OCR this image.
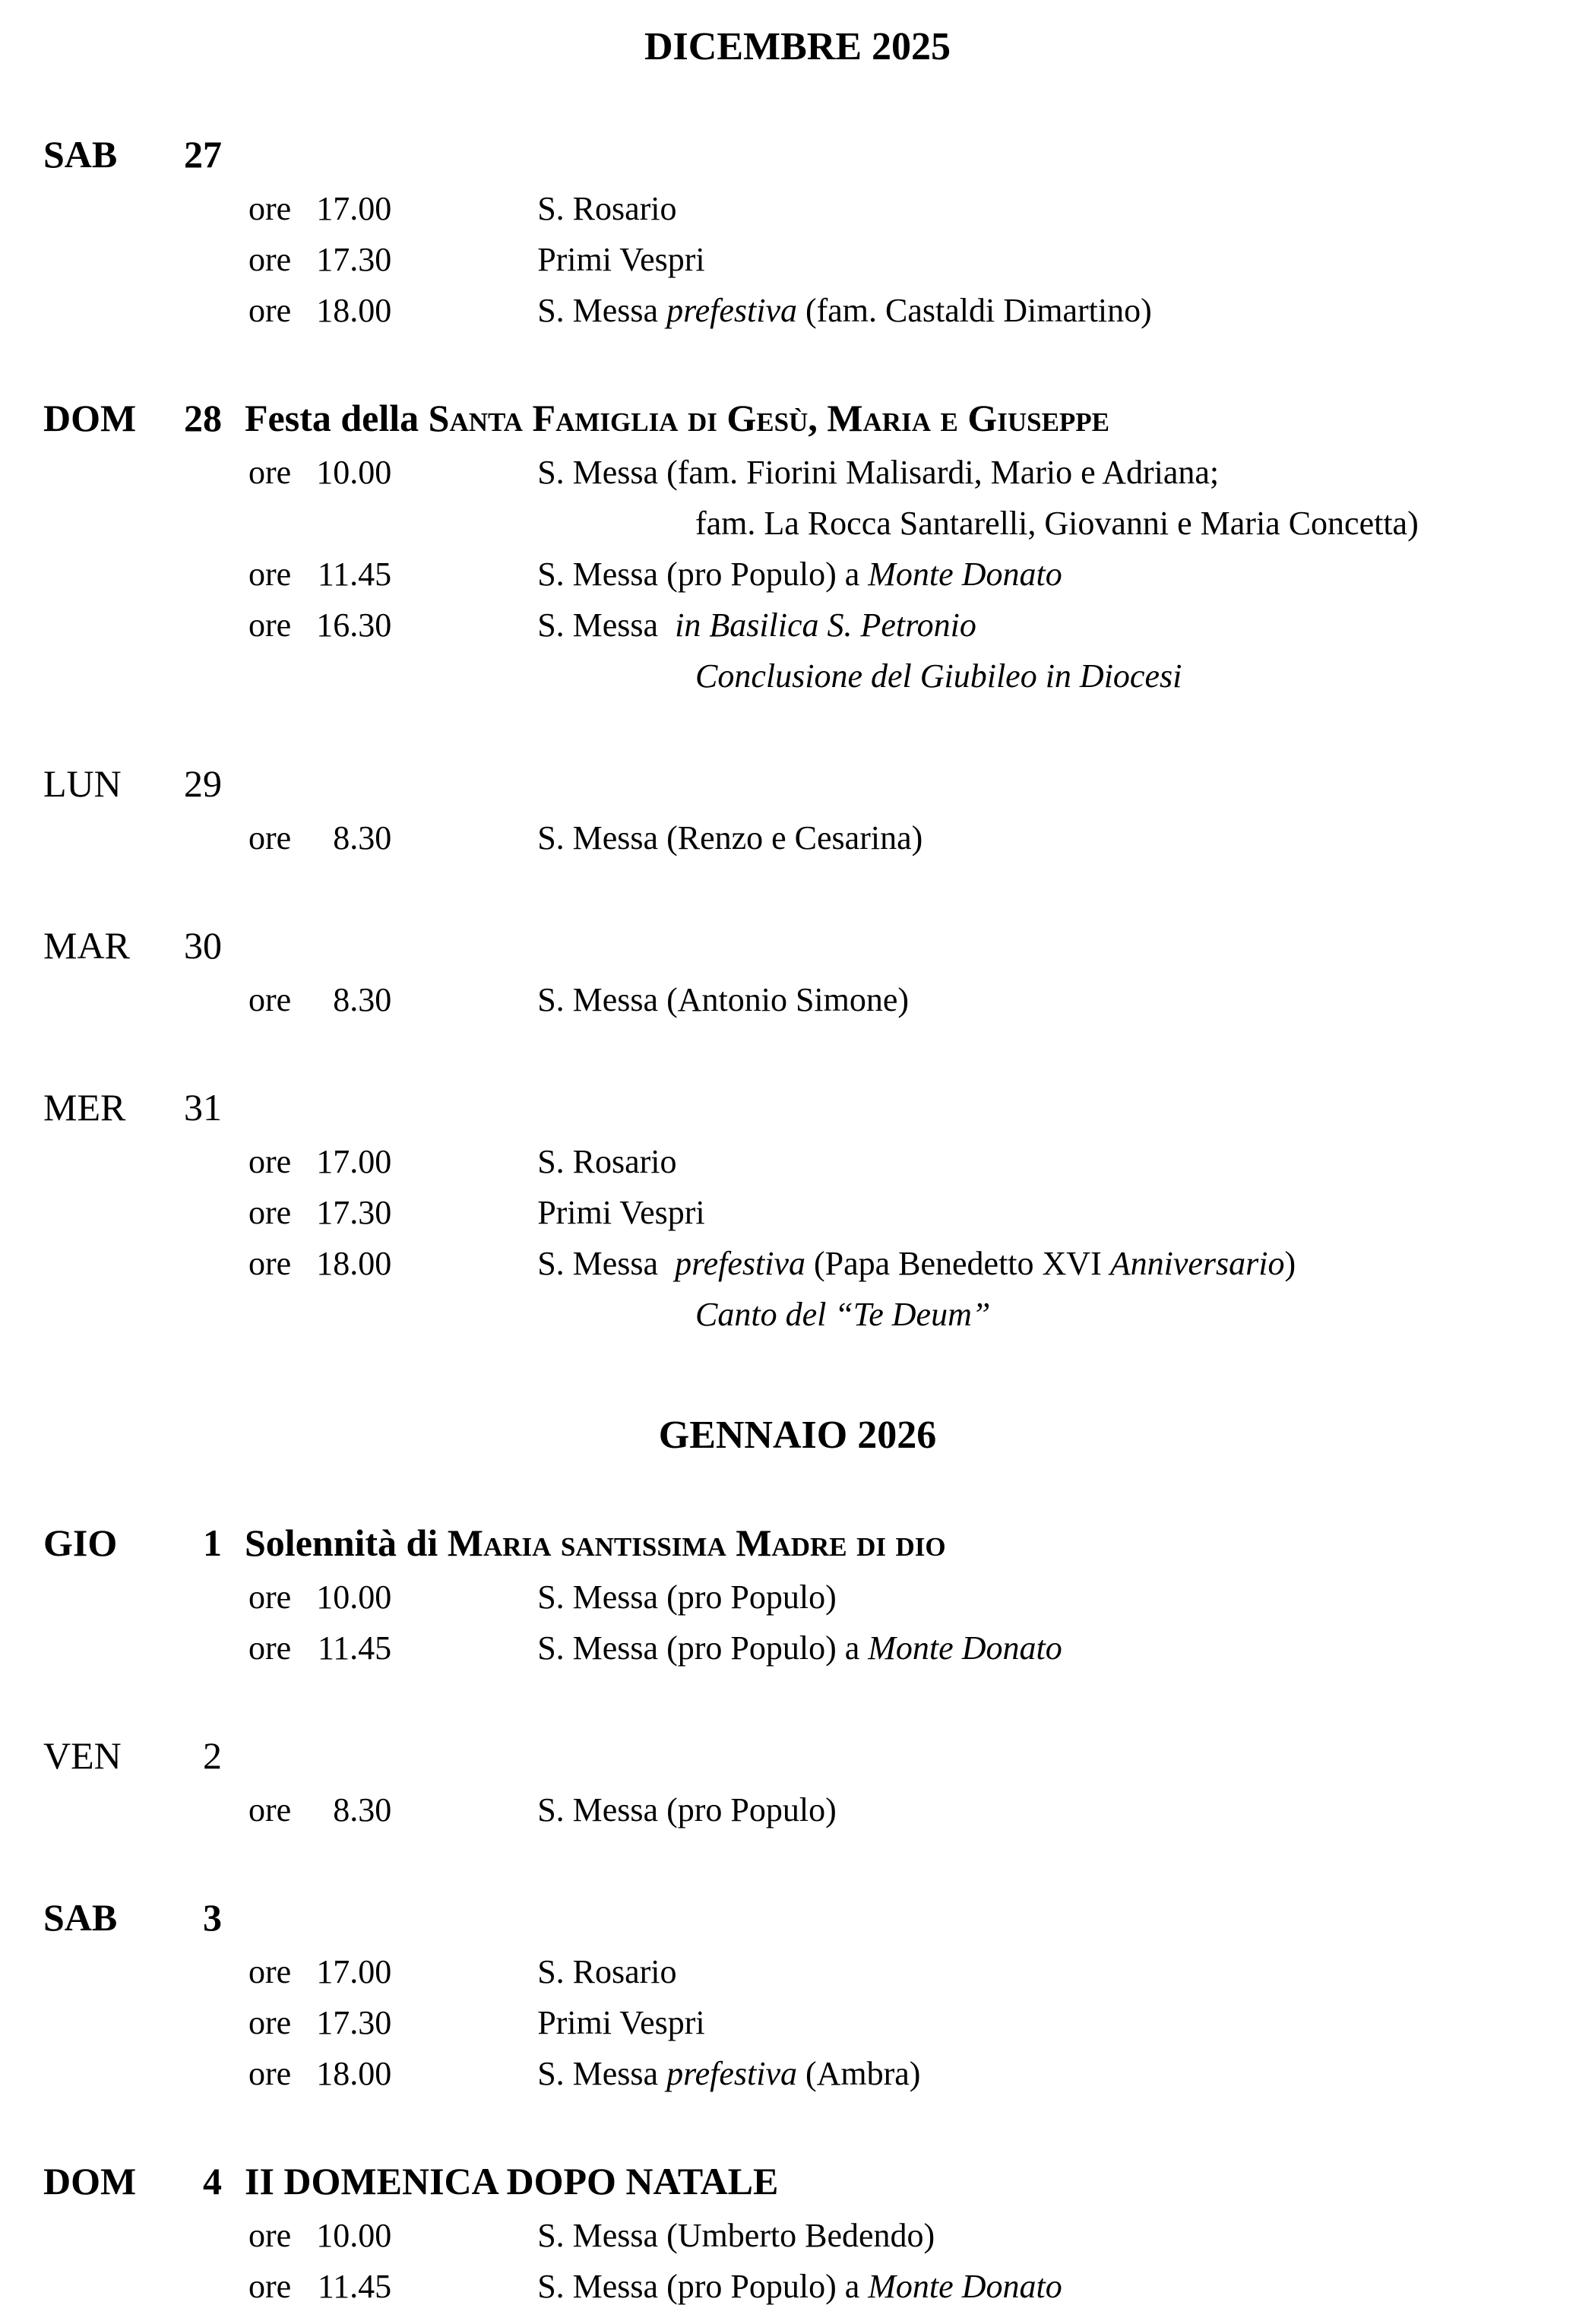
DICEMBRE 2025
SAB	27
ore 17.00	S. Rosario
ore 17.30	Primi Vespri
ore 18.00	S. Messa prefestiva (fam. Castaldi Dimartino)
DOM	28 Festa della Santa Famiglia di Gesù, Maria e Giuseppe
ore 10.00	S. Messa (fam. Fiorini Malisardi, Mario e Adriana;
fam. La Rocca Santarelli, Giovanni e Maria Concetta)
ore 11.45	S. Messa (pro Populo) a Monte Donato
ore 16.30	S. Messa  in Basilica S. Petronio
Conclusione del Giubileo in Diocesi
LUN	29
ore	8.30	S. Messa (Renzo e Cesarina)
MAR	30
ore	8.30	S. Messa (Antonio Simone)
MER	31
ore 17.00	S. Rosario
ore 17.30	Primi Vespri
ore 18.00	S. Messa  prefestiva (Papa Benedetto XVI Anniversario)
Canto del “Te Deum”
GENNAIO 2026
GIO	1 Solennità di Maria santissima Madre di dio
ore 10.00	S. Messa (pro Populo)
ore 11.45	S. Messa (pro Populo) a Monte Donato
VEN	2
ore	8.30	S. Messa (pro Populo)
SAB	3
ore 17.00	S. Rosario
ore 17.30	Primi Vespri
ore 18.00	S. Messa prefestiva (Ambra)
DOM	4 II DOMENICA DOPO NATALE
ore 10.00	S. Messa (Umberto Bedendo)
ore 11.45	S. Messa (pro Populo) a Monte Donato
